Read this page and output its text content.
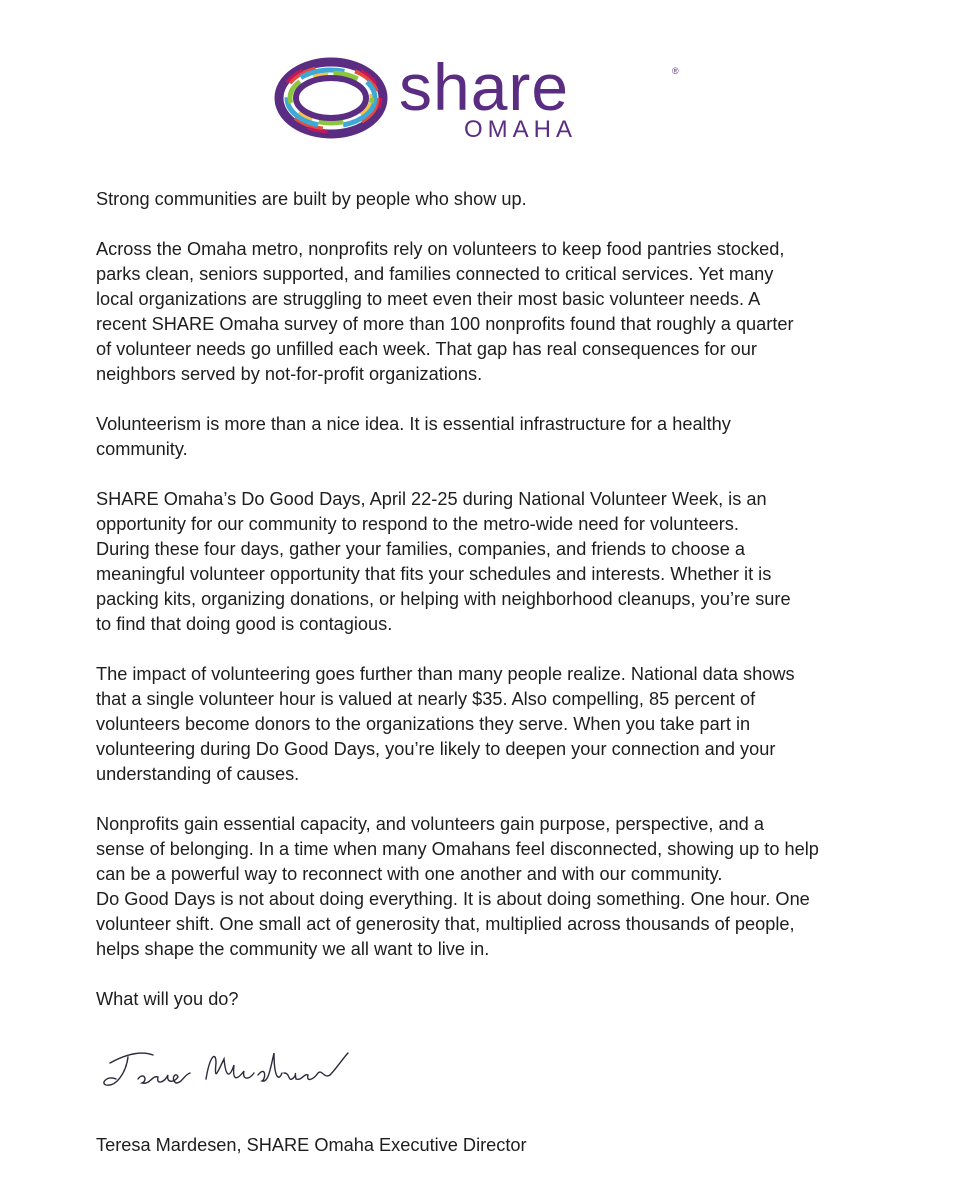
share	®
OMAHA
Strong communities are built by people who show up.
Across the Omaha metro, nonprofits rely on volunteers to keep food pantries stocked,
parks clean, seniors supported, and families connected to critical services. Yet many
local organizations are struggling to meet even their most basic volunteer needs. A
recent SHARE Omaha survey of more than 100 nonprofits found that roughly a quarter
of volunteer needs go unfilled each week. That gap has real consequences for our
neighbors served by not-for-profit organizations.
Volunteerism is more than a nice idea. It is essential infrastructure for a healthy
community.
SHARE Omaha’s Do Good Days, April 22-25 during National Volunteer Week, is an
opportunity for our community to respond to the metro-wide need for volunteers.
During these four days, gather your families, companies, and friends to choose a
meaningful volunteer opportunity that fits your schedules and interests. Whether it is
packing kits, organizing donations, or helping with neighborhood cleanups, you’re sure
to find that doing good is contagious.
The impact of volunteering goes further than many people realize. National data shows
that a single volunteer hour is valued at nearly $35. Also compelling, 85 percent of
volunteers become donors to the organizations they serve. When you take part in
volunteering during Do Good Days, you’re likely to deepen your connection and your
understanding of causes.
Nonprofits gain essential capacity, and volunteers gain purpose, perspective, and a
sense of belonging. In a time when many Omahans feel disconnected, showing up to help
can be a powerful way to reconnect with one another and with our community.
Do Good Days is not about doing everything. It is about doing something. One hour. One
volunteer shift. One small act of generosity that, multiplied across thousands of people,
helps shape the community we all want to live in.
What will you do?
Teresa Mardesen, SHARE Omaha Executive Director
